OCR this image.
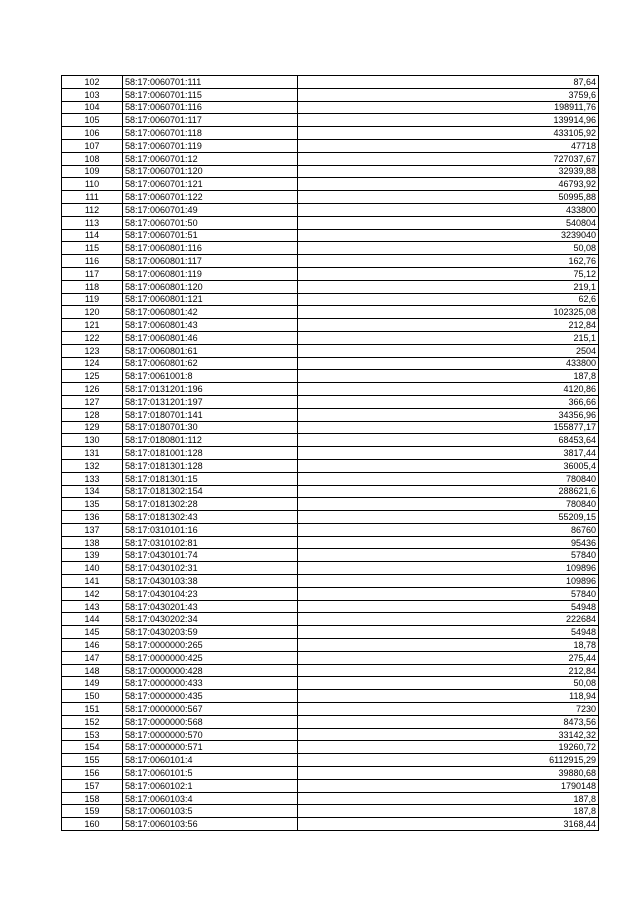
102	58:17:0060701:111	87,64
103	58:17:0060701:115	3759,6
104	58:17:0060701:116	198911,76
105	58:17:0060701:117	139914,96
106	58:17:0060701:118	433105,92
107	58:17:0060701:119	47718
108	58:17:0060701:12	727037,67
109	58:17:0060701:120	32939,88
110	58:17:0060701:121	46793,92
111	58:17:0060701:122	50995,88
112	58:17:0060701:49	433800
113	58:17:0060701:50	540804
114	58:17:0060701:51	3239040
115	58:17:0060801:116	50,08
116	58:17:0060801:117	162,76
117	58:17:0060801:119	75,12
118	58:17:0060801:120	219,1
119	58:17:0060801:121	62,6
120	58:17:0060801:42	102325,08
121	58:17:0060801:43	212,84
122	58:17:0060801:46	215,1
123	58:17:0060801:61	2504
124	58:17:0060801:62	433800
125	58:17:0061001:8	187,8
126	58:17:0131201:196	4120,86
127	58:17:0131201:197	366,66
128	58:17:0180701:141	34356,96
129	58:17:0180701:30	155877,17
130	58:17:0180801:112	68453,64
131	58:17:0181001:128	3817,44
132	58:17:0181301:128	36005,4
133	58:17:0181301:15	780840
134	58:17:0181302:154	288621,6
135	58:17:0181302:28	780840
136	58:17:0181302:43	55209,15
137	58:17:0310101:16	86760
138	58:17:0310102:81	95436
139	58:17:0430101:74	57840
140	58:17:0430102:31	109896
141	58:17:0430103:38	109896
142	58:17:0430104:23	57840
143	58:17:0430201:43	54948
144	58:17:0430202:34	222684
145	58:17:0430203:59	54948
146	58:17:0000000:265	18,78
147	58:17:0000000:425	275,44
148	58:17:0000000:428	212,84
149	58:17:0000000:433	50,08
150	58:17:0000000:435	118,94
151	58:17:0000000:567	7230
152	58:17:0000000:568	8473,56
153	58:17:0000000:570	33142,32
154	58:17:0000000:571	19260,72
155	58:17:0060101:4	6112915,29
156	58:17:0060101:5	39880,68
157	58:17:0060102:1	1790148
158	58:17:0060103:4	187,8
159	58:17:0060103:5	187,8
160	58:17:0060103:56	3168,44
